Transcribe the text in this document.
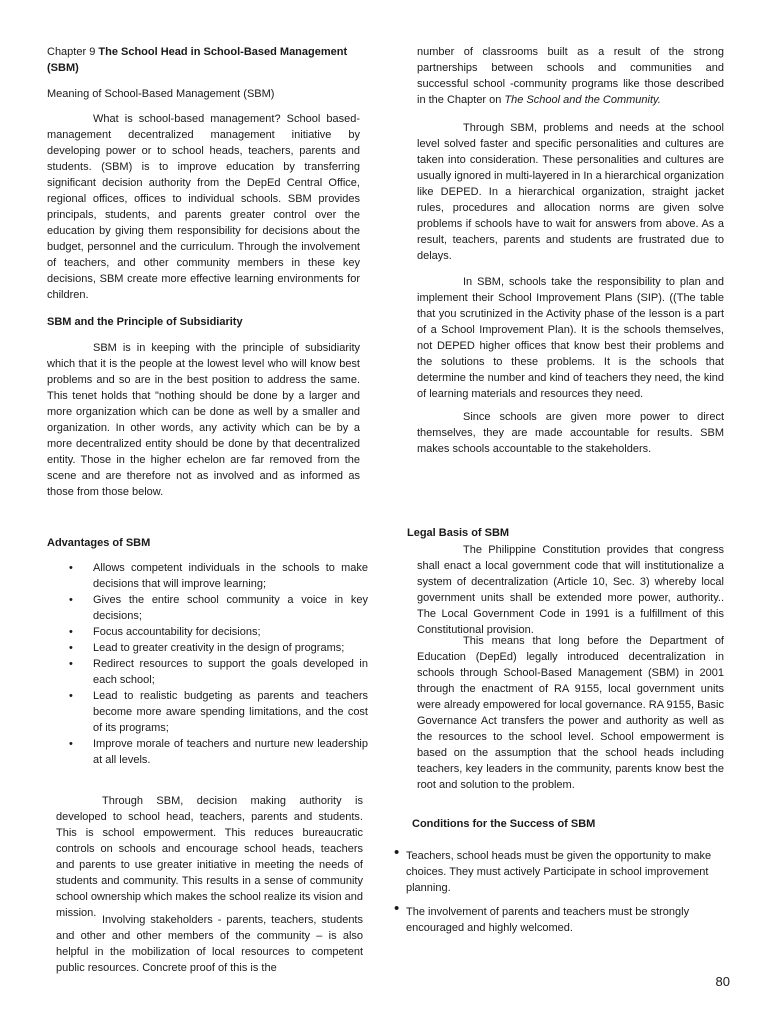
Chapter 9 The School Head in School-Based Management (SBM)
Meaning of School-Based Management (SBM)

What is school-based management? School based-management decentralized management initiative by developing power or to school heads, teachers, parents and students. (SBM) is to improve education by transferring significant decision authority from the DepEd Central Office, regional offices, offices to individual schools. SBM provides principals, students, and parents greater control over the education by giving them responsibility for decisions about the budget, personnel and the curriculum. Through the involvement of teachers, and other community members in these key decisions, SBM create more effective learning environments for children.

SBM and the Principle of Subsidiarity

SBM is in keeping with the principle of subsidiarity which that it is the people at the lowest level who will know best problems and so are in the best position to address the same. This tenet holds that "nothing should be done by a larger and more organization which can be done as well by a smaller and organization. In other words, any activity which can be by a more decentralized entity should be done by that decentralized entity. Those in the higher echelon are far removed from the scene and are therefore not as involved and as informed as those from those below.

Advantages of SBM
• Allows competent individuals in the schools to make decisions that will improve learning;
• Gives the entire school community a voice in key decisions;
• Focus accountability for decisions;
• Lead to greater creativity in the design of programs;
• Redirect resources to support the goals developed in each school;
• Lead to realistic budgeting as parents and teachers become more aware spending limitations, and the cost of its programs;
• Improve morale of teachers and nurture new leadership at all levels.

Through SBM, decision making authority is developed to school head, teachers, parents and students. This is school empowerment. This reduces bureaucratic controls on schools and encourage school heads, teachers and parents to use greater initiative in meeting the needs of students and community. This results in a sense of community school ownership which makes the school realize its vision and mission.

Involving stakeholders - parents, teachers, students and other and other members of the community – is also helpful in the mobilization of local resources to competent public resources. Concrete proof of this is the

number of classrooms built as a result of the strong partnerships between schools and communities and successful school -community programs like those described in the Chapter on The School and the Community.

Through SBM, problems and needs at the school level solved faster and specific personalities and cultures are taken into consideration. These personalities and cultures are usually ignored in multi-layered in In a hierarchical organization like DEPED. In a hierarchical organization, straight jacket rules, procedures and allocation norms are given solve problems if schools have to wait for answers from above. As a result, teachers, parents and students are frustrated due to delays.

In SBM, schools take the responsibility to plan and implement their School Improvement Plans (SIP). ((The table that you scrutinized in the Activity phase of the lesson is a part of a School Improvement Plan). It is the schools themselves, not DEPED higher offices that know best their problems and the solutions to these problems. It is the schools that determine the number and kind of teachers they need, the kind of learning materials and resources they need.

Since schools are given more power to direct themselves, they are made accountable for results. SBM makes schools accountable to the stakeholders.

Legal Basis of SBM

The Philippine Constitution provides that congress shall enact a local government code that will institutionalize a system of decentralization (Article 10, Sec. 3) whereby local government units shall be extended more power, authority.. The Local Government Code in 1991 is a fulfillment of this Constitutional provision.

This means that long before the Department of Education (DepEd) legally introduced decentralization in schools through School-Based Management (SBM) in 2001 through the enactment of RA 9155, local government units were already empowered for local governance. RA 9155, Basic Governance Act transfers the power and authority as well as the resources to the school level. School empowerment is based on the assumption that the school heads including teachers, key leaders in the community, parents know best the root and solution to the problem.

Conditions for the Success of SBM
• Teachers, school heads must be given the opportunity to make choices. They must actively Participate in school improvement planning.
• The involvement of parents and teachers must be strongly encouraged and highly welcomed.
80
